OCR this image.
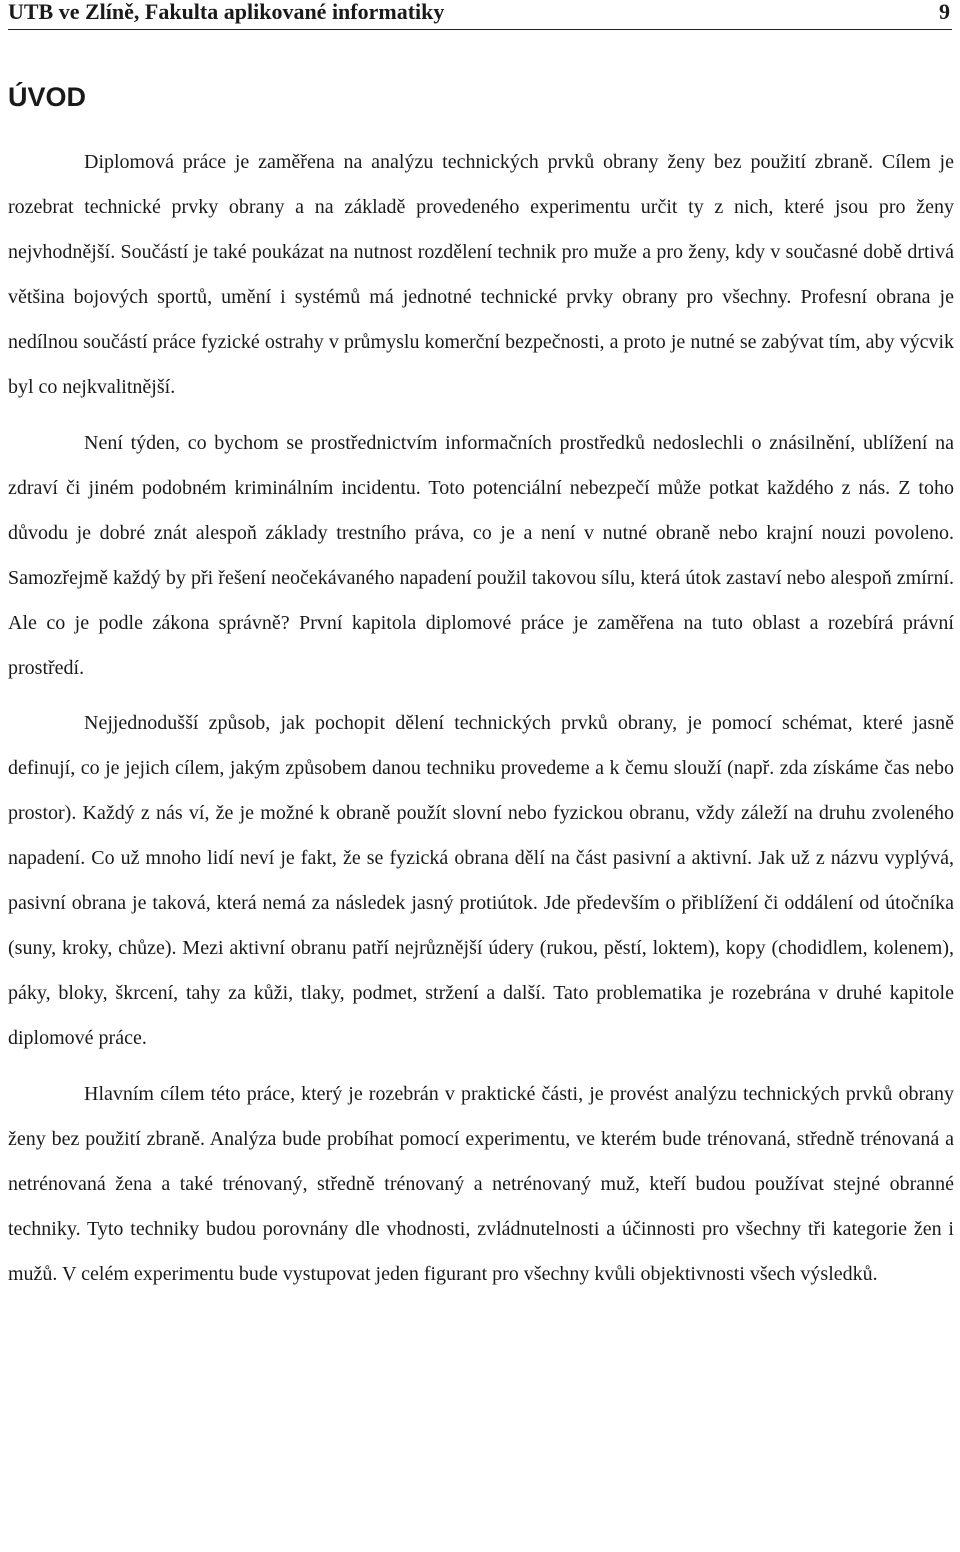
UTB ve Zlíně, Fakulta aplikované informatiky	9
ÚVOD

Diplomová práce je zaměřena na analýzu technických prvků obrany ženy bez použití zbraně. Cílem je rozebrat technické prvky obrany a na základě provedeného experimentu určit ty z nich, které jsou pro ženy nejvhodnější. Součástí je také poukázat na nutnost rozdělení technik pro muže a pro ženy, kdy v současné době drtivá většina bojových sportů, umění i systémů má jednotné technické prvky obrany pro všechny. Profesní obrana je nedílnou součástí práce fyzické ostrahy v průmyslu komerční bezpečnosti, a proto je nutné se zabývat tím, aby výcvik byl co nejkvalitnější.

Není týden, co bychom se prostřednictvím informačních prostředků nedoslechli o znásilnění, ublížení na zdraví či jiném podobném kriminálním incidentu. Toto potenciální nebezpečí může potkat každého z nás. Z toho důvodu je dobré znát alespoň základy trestního práva, co je a není v nutné obraně nebo krajní nouzi povoleno. Samozřejmě každý by při řešení neočekávaného napadení použil takovou sílu, která útok zastaví nebo alespoň zmírní. Ale co je podle zákona správně? První kapitola diplomové práce je zaměřena na tuto oblast a rozebírá právní prostředí.

Nejjednodušší způsob, jak pochopit dělení technických prvků obrany, je pomocí schémat, které jasně definují, co je jejich cílem, jakým způsobem danou techniku provedeme a k čemu slouží (např. zda získáme čas nebo prostor). Každý z nás ví, že je možné k obraně použít slovní nebo fyzickou obranu, vždy záleží na druhu zvoleného napadení. Co už mnoho lidí neví je fakt, že se fyzická obrana dělí na část pasivní a aktivní. Jak už z názvu vyplývá, pasivní obrana je taková, která nemá za následek jasný protiútok. Jde především o přiblížení či oddálení od útočníka (suny, kroky, chůze). Mezi aktivní obranu patří nejrůznější údery (rukou, pěstí, loktem), kopy (chodidlem, kolenem), páky, bloky, škrcení, tahy za kůži, tlaky, podmet, stržení a další. Tato problematika je rozebrána v druhé kapitole diplomové práce.

Hlavním cílem této práce, který je rozebrán v praktické části, je provést analýzu technických prvků obrany ženy bez použití zbraně. Analýza bude probíhat pomocí experimentu, ve kterém bude trénovaná, středně trénovaná a netrénovaná žena a také trénovaný, středně trénovaný a netrénovaný muž, kteří budou používat stejné obranné techniky. Tyto techniky budou porovnány dle vhodnosti, zvládnutelnosti a účinnosti pro všechny tři kategorie žen i mužů. V celém experimentu bude vystupovat jeden figurant pro všechny kvůli objektivnosti všech výsledků.
